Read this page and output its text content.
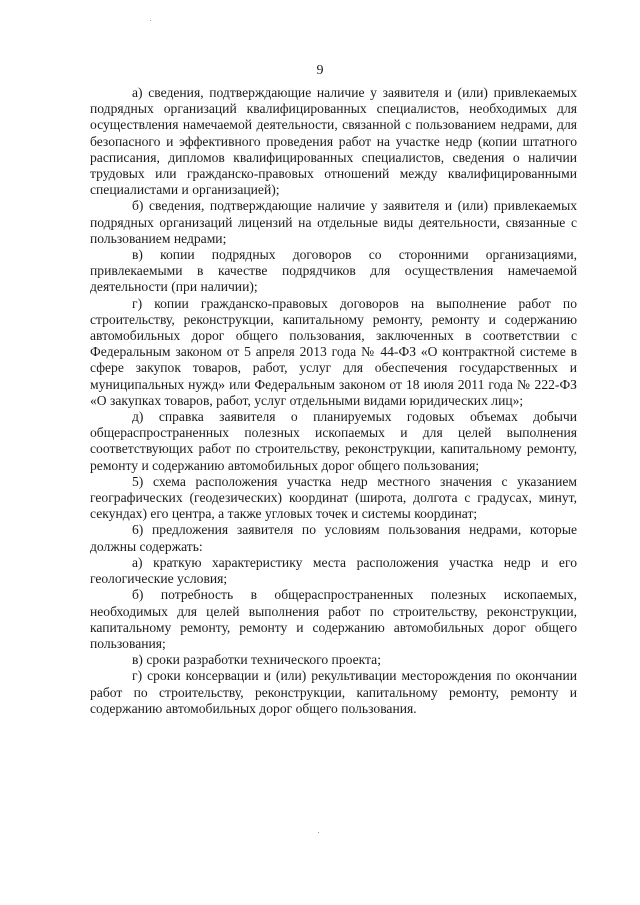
9

а) сведения, подтверждающие наличие у заявителя и (или) привлекаемых подрядных организаций квалифицированных специалистов, необходимых для осуществления намечаемой деятельности, связанной с пользованием недрами, для безопасного и эффективного проведения работ на участке недр (копии штатного расписания, дипломов квалифицированных специалистов, сведения о наличии трудовых или гражданско-правовых отношений между квалифицированными специалистами и организацией);

б) сведения, подтверждающие наличие у заявителя и (или) привлекаемых подрядных организаций лицензий на отдельные виды деятельности, связанные с пользованием недрами;

в) копии подрядных договоров со сторонними организациями, привлекаемыми в качестве подрядчиков для осуществления намечаемой деятельности (при наличии);

г) копии гражданско-правовых договоров на выполнение работ по строительству, реконструкции, капитальному ремонту, ремонту и содержанию автомобильных дорог общего пользования, заключенных в соответствии с Федеральным законом от 5 апреля 2013 года № 44-ФЗ «О контрактной системе в сфере закупок товаров, работ, услуг для обеспечения государственных и муниципальных нужд» или Федеральным законом от 18 июля 2011 года № 222-ФЗ «О закупках товаров, работ, услуг отдельными видами юридических лиц»;

д) справка заявителя о планируемых годовых объемах добычи общераспространенных полезных ископаемых и для целей выполнения соответствующих работ по строительству, реконструкции, капитальному ремонту, ремонту и содержанию автомобильных дорог общего пользования;

5) схема расположения участка недр местного значения с указанием географических (геодезических) координат (широта, долгота с градусах, минут, секундах) его центра, а также угловых точек и системы координат;

6) предложения заявителя по условиям пользования недрами, которые должны содержать:

а) краткую характеристику места расположения участка недр и его геологические условия;

б) потребность в общераспространенных полезных ископаемых, необходимых для целей выполнения работ по строительству, реконструкции, капитальному ремонту, ремонту и содержанию автомобильных дорог общего пользования;

в) сроки разработки технического проекта;

г) сроки консервации и (или) рекультивации месторождения по окончании работ по строительству, реконструкции, капитальному ремонту, ремонту и содержанию автомобильных дорог общего пользования.
